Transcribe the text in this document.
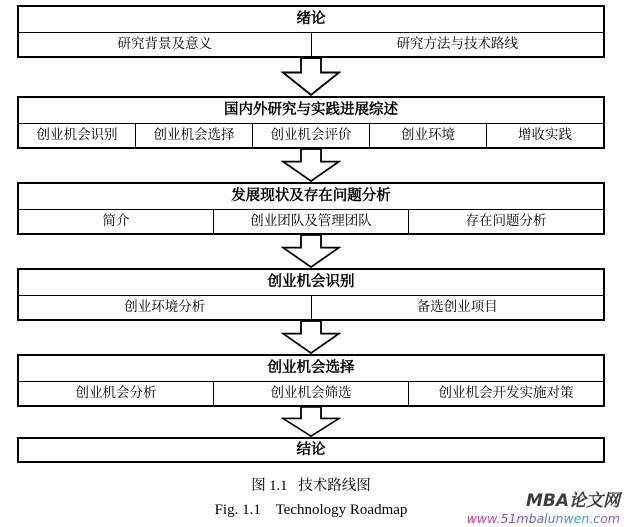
绪论
研究背景及意义	研究方法与技术路线
国内外研究与实践进展综述
创业机会识别	创业机会选择	创业机会评价	创业环境	增收实践
发展现状及存在问题分析
简介	创业团队及管理团队	存在问题分析
创业机会识别
创业环境分析	备选创业项目
创业机会选择
创业机会分析	创业机会筛选	创业机会开发实施对策
结论
图 1.1   技术路线图
Fig. 1.1    Technology Roadmap	MBA论文网
www.51mbalunwen.com
